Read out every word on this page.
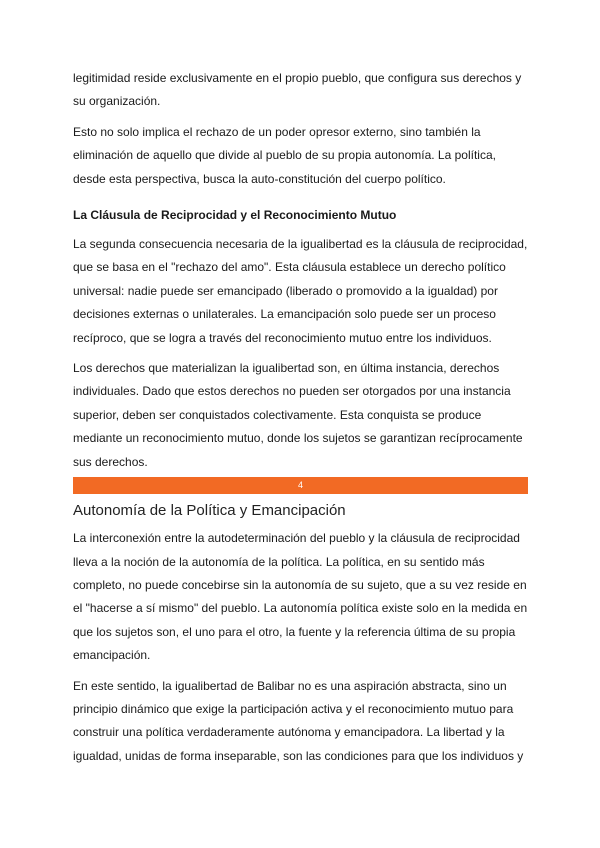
legitimidad reside exclusivamente en el propio pueblo, que configura sus derechos y su organización.

Esto no solo implica el rechazo de un poder opresor externo, sino también la eliminación de aquello que divide al pueblo de su propia autonomía. La política, desde esta perspectiva, busca la auto-constitución del cuerpo político.

La Cláusula de Reciprocidad y el Reconocimiento Mutuo

La segunda consecuencia necesaria de la igualibertad es la cláusula de reciprocidad, que se basa en el "rechazo del amo". Esta cláusula establece un derecho político universal: nadie puede ser emancipado (liberado o promovido a la igualdad) por decisiones externas o unilaterales. La emancipación solo puede ser un proceso recíproco, que se logra a través del reconocimiento mutuo entre los individuos.

Los derechos que materializan la igualibertad son, en última instancia, derechos individuales. Dado que estos derechos no pueden ser otorgados por una instancia superior, deben ser conquistados colectivamente. Esta conquista se produce mediante un reconocimiento mutuo, donde los sujetos se garantizan recíprocamente sus derechos.

4
Autonomía de la Política y Emancipación

La interconexión entre la autodeterminación del pueblo y la cláusula de reciprocidad lleva a la noción de la autonomía de la política. La política, en su sentido más completo, no puede concebirse sin la autonomía de su sujeto, que a su vez reside en el "hacerse a sí mismo" del pueblo. La autonomía política existe solo en la medida en que los sujetos son, el uno para el otro, la fuente y la referencia última de su propia emancipación.

En este sentido, la igualibertad de Balibar no es una aspiración abstracta, sino un principio dinámico que exige la participación activa y el reconocimiento mutuo para construir una política verdaderamente autónoma y emancipadora. La libertad y la igualdad, unidas de forma inseparable, son las condiciones para que los individuos y
